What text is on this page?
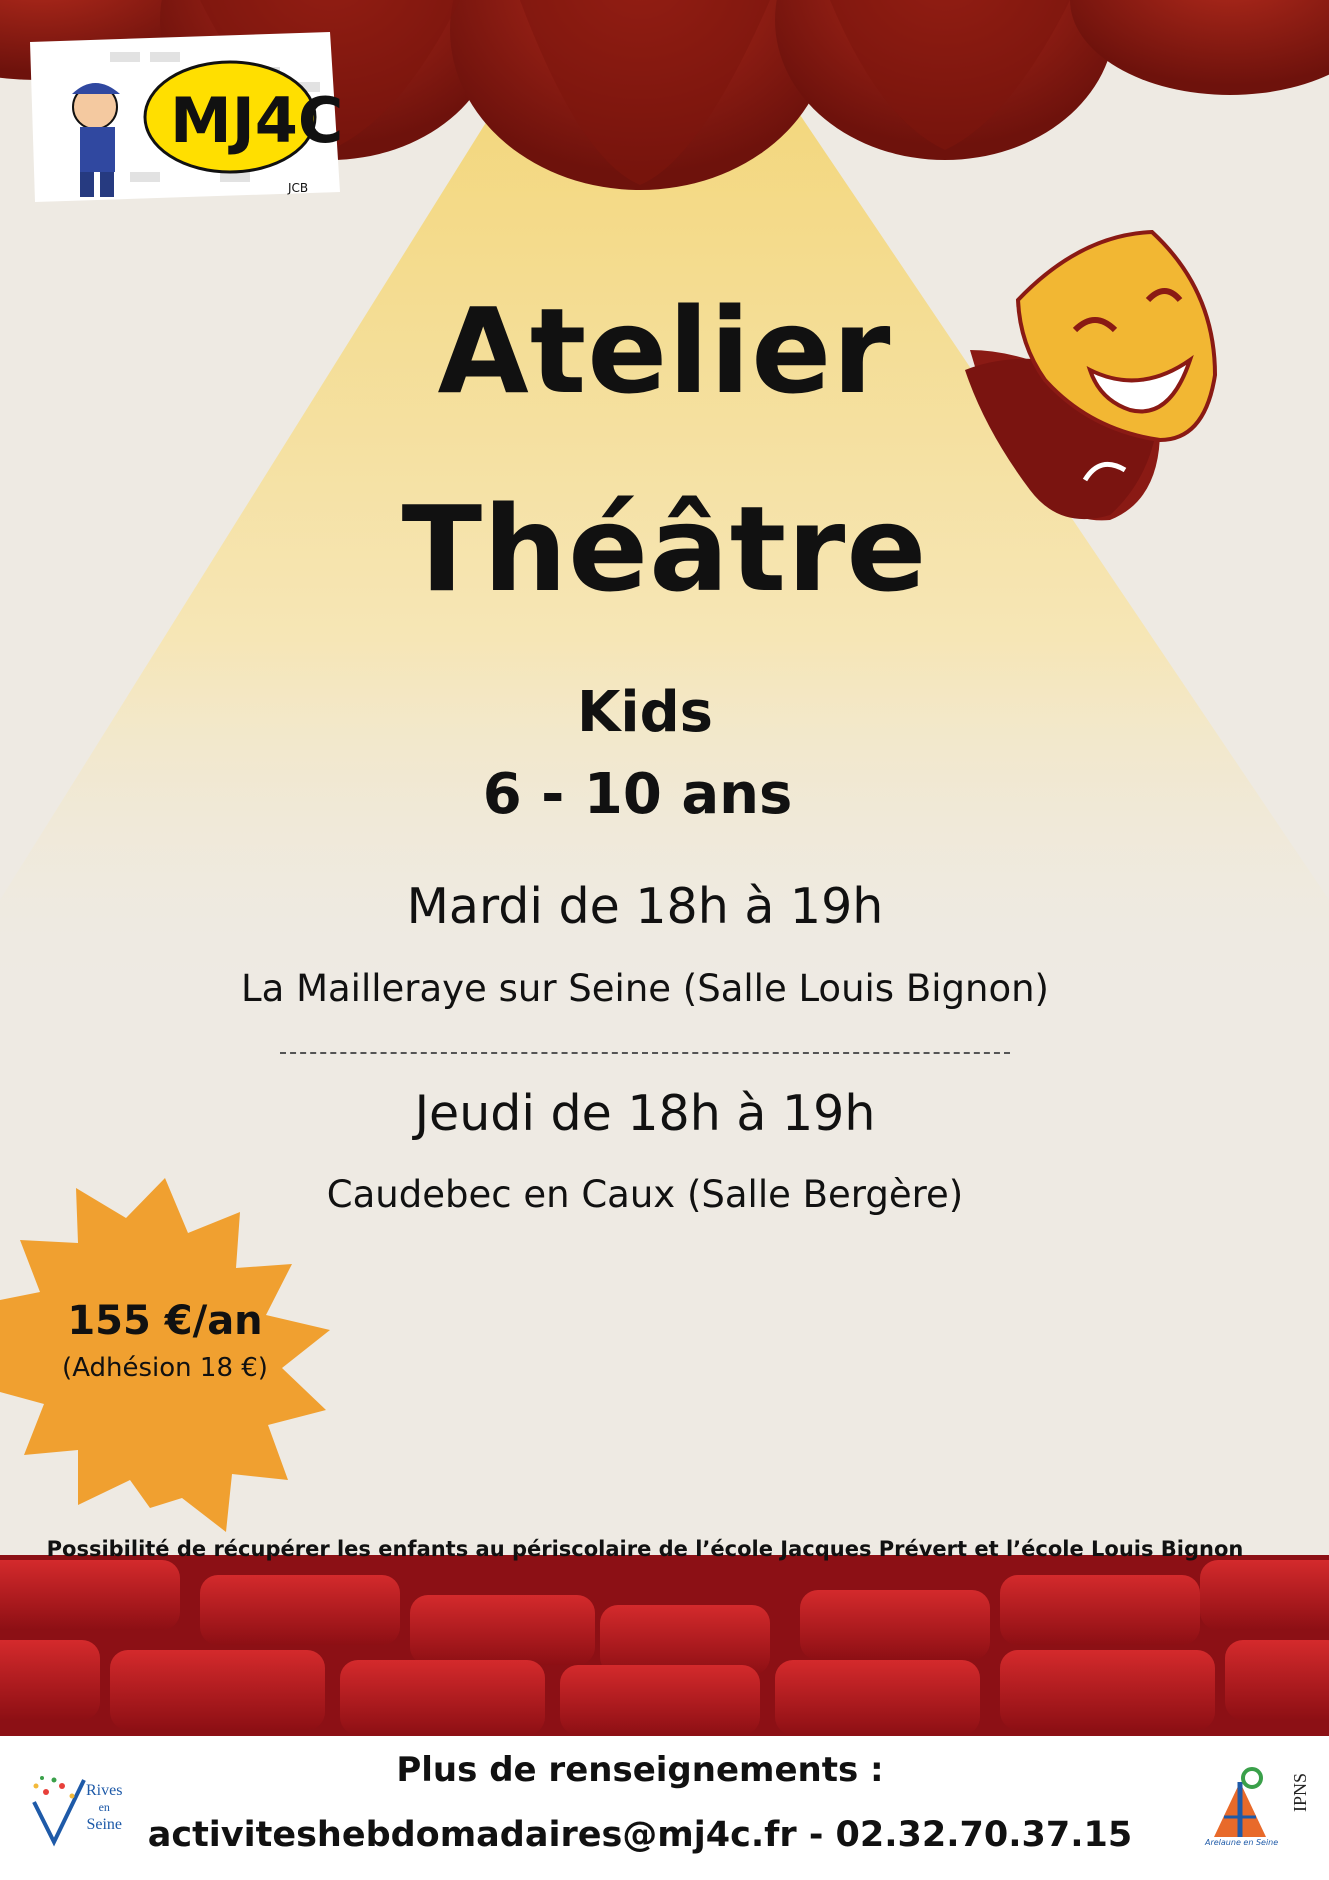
MJ4C
JCB
Atelier
Théâtre
Kids
6 - 10 ans
Mardi de 18h à 19h
La Mailleraye sur Seine (Salle Louis Bignon)
Jeudi de 18h à 19h
Caudebec en Caux (Salle Bergère)
155 €/an
(Adhésion 18 €)
Possibilité de récupérer les enfants au périscolaire de l’école Jacques Prévert et l’école Louis Bignon
Plus de renseignements :
activiteshebdomadaires@mj4c.fr - 02.32.70.37.15
Rives
en
Seine
Arelaune en Seine
IPNS
